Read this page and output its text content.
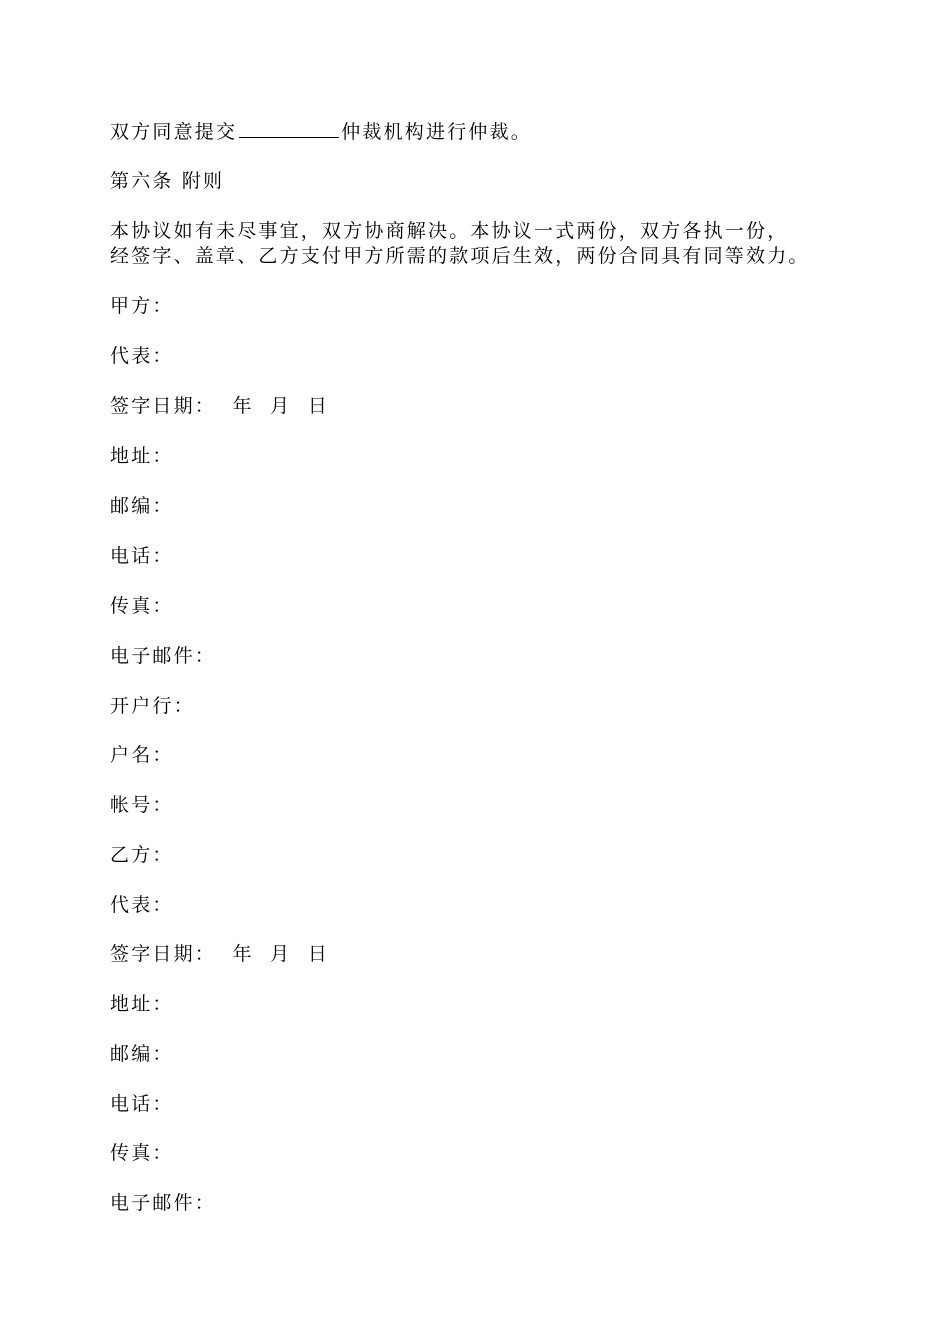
双方同意提交	仲裁机构进行仲裁。
第六条 附则
本协议如有未尽事宜，双方协商解决。本协议一式两份，双方各执一份，
经签字、盖章、乙方支付甲方所需的款项后生效，两份合同具有同等效力。
甲方：
代表：
签字日期：  年  月  日
地址：
邮编：
电话：
传真：
电子邮件：
开户行：
户名：
帐号：
乙方：
代表：
签字日期：  年  月  日
地址：
邮编：
电话：
传真：
电子邮件：
